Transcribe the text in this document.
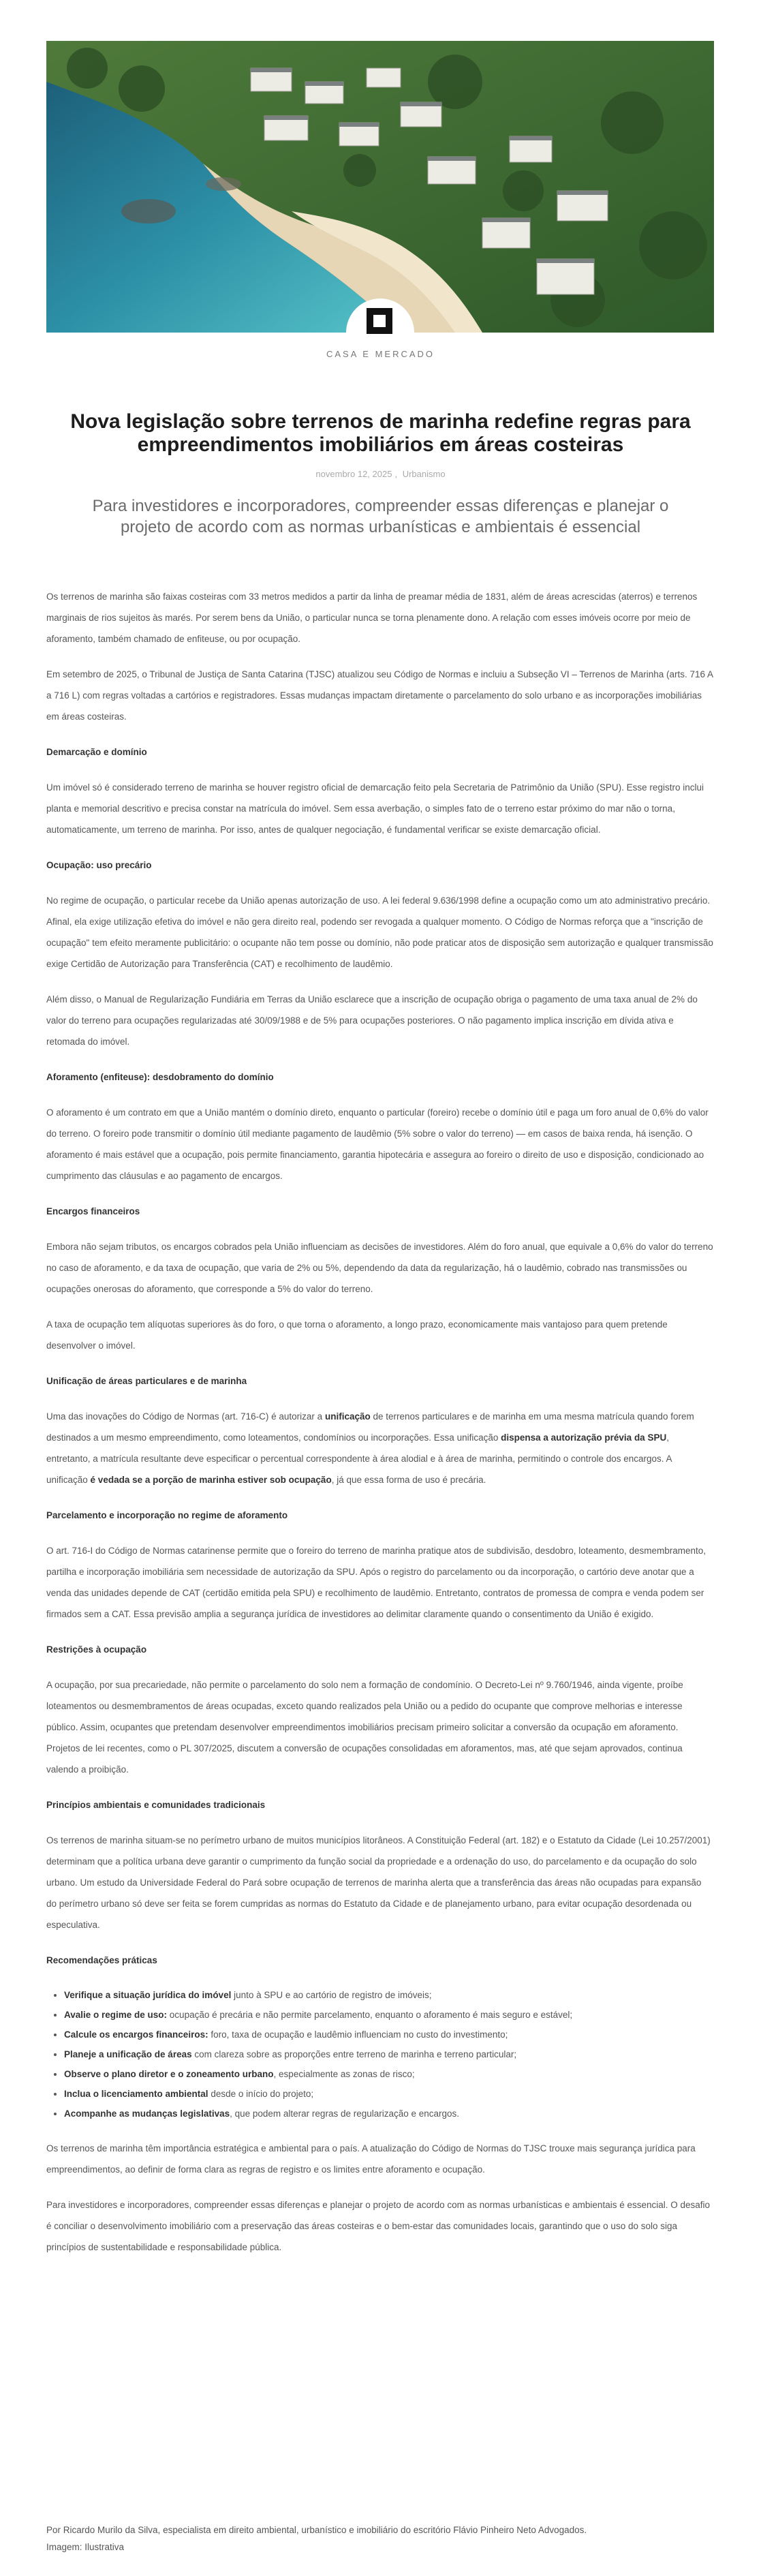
CASA E MERCADO
Nova legislação sobre terrenos de marinha redefine regras para empreendimentos imobiliários em áreas costeiras
novembro 12, 2025 , Urbanismo
Para investidores e incorporadores, compreender essas diferenças e planejar o projeto de acordo com as normas urbanísticas e ambientais é essencial

Os terrenos de marinha são faixas costeiras com 33 metros medidos a partir da linha de preamar média de 1831, além de áreas acrescidas (aterros) e terrenos marginais de rios sujeitos às marés. Por serem bens da União, o particular nunca se torna plenamente dono. A relação com esses imóveis ocorre por meio de aforamento, também chamado de enfiteuse, ou por ocupação.

Em setembro de 2025, o Tribunal de Justiça de Santa Catarina (TJSC) atualizou seu Código de Normas e incluiu a Subseção VI – Terrenos de Marinha (arts. 716 A a 716 L) com regras voltadas a cartórios e registradores. Essas mudanças impactam diretamente o parcelamento do solo urbano e as incorporações imobiliárias em áreas costeiras.

Demarcação e domínio

Um imóvel só é considerado terreno de marinha se houver registro oficial de demarcação feito pela Secretaria de Patrimônio da União (SPU). Esse registro inclui planta e memorial descritivo e precisa constar na matrícula do imóvel. Sem essa averbação, o simples fato de o terreno estar próximo do mar não o torna, automaticamente, um terreno de marinha. Por isso, antes de qualquer negociação, é fundamental verificar se existe demarcação oficial.

Ocupação: uso precário

No regime de ocupação, o particular recebe da União apenas autorização de uso. A lei federal 9.636/1998 define a ocupação como um ato administrativo precário. Afinal, ela exige utilização efetiva do imóvel e não gera direito real, podendo ser revogada a qualquer momento. O Código de Normas reforça que a "inscrição de ocupação" tem efeito meramente publicitário: o ocupante não tem posse ou domínio, não pode praticar atos de disposição sem autorização e qualquer transmissão exige Certidão de Autorização para Transferência (CAT) e recolhimento de laudêmio.

Além disso, o Manual de Regularização Fundiária em Terras da União esclarece que a inscrição de ocupação obriga o pagamento de uma taxa anual de 2% do valor do terreno para ocupações regularizadas até 30/09/1988 e de 5% para ocupações posteriores. O não pagamento implica inscrição em dívida ativa e retomada do imóvel.

Aforamento (enfiteuse): desdobramento do domínio

O aforamento é um contrato em que a União mantém o domínio direto, enquanto o particular (foreiro) recebe o domínio útil e paga um foro anual de 0,6% do valor do terreno. O foreiro pode transmitir o domínio útil mediante pagamento de laudêmio (5% sobre o valor do terreno) — em casos de baixa renda, há isenção. O aforamento é mais estável que a ocupação, pois permite financiamento, garantia hipotecária e assegura ao foreiro o direito de uso e disposição, condicionado ao cumprimento das cláusulas e ao pagamento de encargos.

Encargos financeiros

Embora não sejam tributos, os encargos cobrados pela União influenciam as decisões de investidores. Além do foro anual, que equivale a 0,6% do valor do terreno no caso de aforamento, e da taxa de ocupação, que varia de 2% ou 5%, dependendo da data da regularização, há o laudêmio, cobrado nas transmissões ou ocupações onerosas do aforamento, que corresponde a 5% do valor do terreno.

A taxa de ocupação tem alíquotas superiores às do foro, o que torna o aforamento, a longo prazo, economicamente mais vantajoso para quem pretende desenvolver o imóvel.

Unificação de áreas particulares e de marinha

Uma das inovações do Código de Normas (art. 716-C) é autorizar a unificação de terrenos particulares e de marinha em uma mesma matrícula quando forem destinados a um mesmo empreendimento, como loteamentos, condomínios ou incorporações. Essa unificação dispensa a autorização prévia da SPU, entretanto, a matrícula resultante deve especificar o percentual correspondente à área alodial e à área de marinha, permitindo o controle dos encargos. A unificação é vedada se a porção de marinha estiver sob ocupação, já que essa forma de uso é precária.

Parcelamento e incorporação no regime de aforamento

O art. 716-I do Código de Normas catarinense permite que o foreiro do terreno de marinha pratique atos de subdivisão, desdobro, loteamento, desmembramento, partilha e incorporação imobiliária sem necessidade de autorização da SPU. Após o registro do parcelamento ou da incorporação, o cartório deve anotar que a venda das unidades depende de CAT (certidão emitida pela SPU) e recolhimento de laudêmio. Entretanto, contratos de promessa de compra e venda podem ser firmados sem a CAT. Essa previsão amplia a segurança jurídica de investidores ao delimitar claramente quando o consentimento da União é exigido.

Restrições à ocupação

A ocupação, por sua precariedade, não permite o parcelamento do solo nem a formação de condomínio. O Decreto-Lei nº 9.760/1946, ainda vigente, proíbe loteamentos ou desmembramentos de áreas ocupadas, exceto quando realizados pela União ou a pedido do ocupante que comprove melhorias e interesse público. Assim, ocupantes que pretendam desenvolver empreendimentos imobiliários precisam primeiro solicitar a conversão da ocupação em aforamento. Projetos de lei recentes, como o PL 307/2025, discutem a conversão de ocupações consolidadas em aforamentos, mas, até que sejam aprovados, continua valendo a proibição.

Princípios ambientais e comunidades tradicionais

Os terrenos de marinha situam-se no perímetro urbano de muitos municípios litorâneos. A Constituição Federal (art. 182) e o Estatuto da Cidade (Lei 10.257/2001) determinam que a política urbana deve garantir o cumprimento da função social da propriedade e a ordenação do uso, do parcelamento e da ocupação do solo urbano. Um estudo da Universidade Federal do Pará sobre ocupação de terrenos de marinha alerta que a transferência das áreas não ocupadas para expansão do perímetro urbano só deve ser feita se forem cumpridas as normas do Estatuto da Cidade e de planejamento urbano, para evitar ocupação desordenada ou especulativa.

Recomendações práticas
• Verifique a situação jurídica do imóvel junto à SPU e ao cartório de registro de imóveis;
• Avalie o regime de uso: ocupação é precária e não permite parcelamento, enquanto o aforamento é mais seguro e estável;
• Calcule os encargos financeiros: foro, taxa de ocupação e laudêmio influenciam no custo do investimento;
• Planeje a unificação de áreas com clareza sobre as proporções entre terreno de marinha e terreno particular;
• Observe o plano diretor e o zoneamento urbano, especialmente as zonas de risco;
• Inclua o licenciamento ambiental desde o início do projeto;
• Acompanhe as mudanças legislativas, que podem alterar regras de regularização e encargos.

Os terrenos de marinha têm importância estratégica e ambiental para o país. A atualização do Código de Normas do TJSC trouxe mais segurança jurídica para empreendimentos, ao definir de forma clara as regras de registro e os limites entre aforamento e ocupação.

Para investidores e incorporadores, compreender essas diferenças e planejar o projeto de acordo com as normas urbanísticas e ambientais é essencial. O desafio é conciliar o desenvolvimento imobiliário com a preservação das áreas costeiras e o bem-estar das comunidades locais, garantindo que o uso do solo siga princípios de sustentabilidade e responsabilidade pública.

Por Ricardo Murilo da Silva, especialista em direito ambiental, urbanístico e imobiliário do escritório Flávio Pinheiro Neto Advogados.
Imagem: Ilustrativa
